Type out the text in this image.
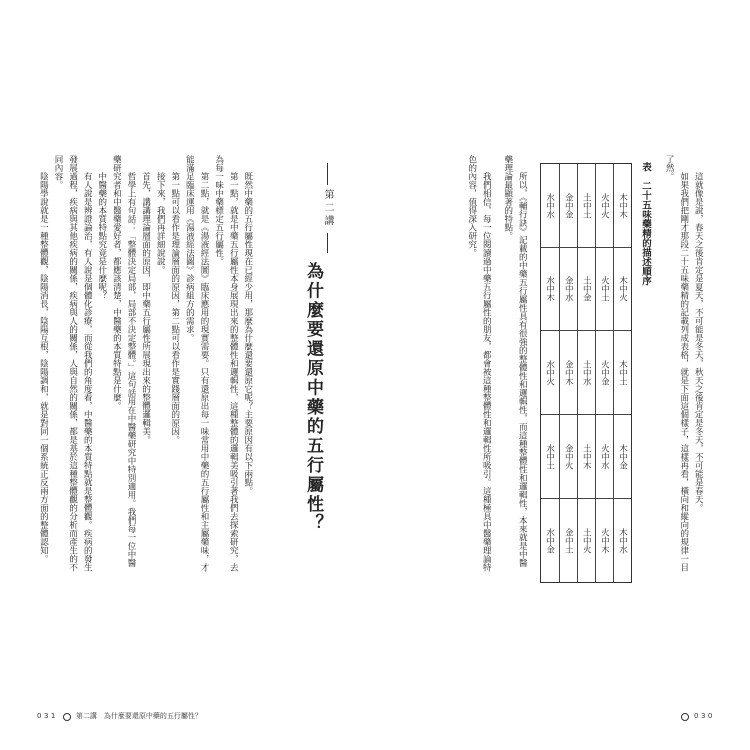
第二講
為什麼要還原中藥的五行屬性？
既然中藥的五行屬性現在已經少用，那麼為什麼還要還原它呢？主要原因有以下兩點。
第一點，就是中藥五行屬性本身展現出來的整體性和邏輯性，這種整體的邏輯美吸引著我們去探索研究，去
為每一味中藥標定五行屬性。
第二點，就是《湯液經法圖》臨床應用的現實需要。只有還原出每一味常用中藥的五行屬性和主屬藥味，才
能滿足臨床運用《湯液經法圖》診病組方的需求。
第一點可以看作是理論層面的原因，第二點可以看作是實踐層面的原因。
接下來，我們再詳細說說。
首先，講講理論層面的原因，即中藥五行屬性所展現出來的整體邏輯美。
哲學上有句話：「整體決定局部，局部不決定整體。」這句話用在中醫藥研究中特別適用。我們每一位中醫
藥研究者和中醫藥愛好者，都應該清楚，中醫藥的本質特點是什麼。
中醫藥的本質特點究竟是什麼呢？
有人說是辨證論治，有人說是個體化診療，而從我們的角度看，中醫藥的本質特點就是整體觀。疾病的發生
發展過程，疾病與其他疾病的關係，疾病與人的關係，人與自然的關係，都是基於這種整體觀的分析而產生的不
同內容。
陰陽學說就是一種整體觀，陰陽消長，陰陽互根，陰陽調和，就是對同一個系統正反兩方面的整體認知。
031	第二講　為什麼要還原中藥的五行屬性？
這就像是說，春天之後肯定是夏天，不可能是冬天，秋天之後肯定是冬天，不可能是春天。
如果我們把剛才那段二十五味藥精的記載列成表格，就是下面這個樣子，這樣再看，橫向和縱向的規律一目
了然。
表　二十五味藥精的描述順序
木中木
火中火
土中土
金中金
水中水
木中火
火中土
土中金
金中水
水中木
木中土
火中金
土中水
金中木
水中火
木中金
火中水
土中木
金中火
水中土
木中水
火中木
土中火
金中土
水中金
所以，《輔行訣》記載的中藥五行屬性具有很強的整體性和邏輯性，而這種整體性和邏輯性，本來就是中醫
藥理論最顯著的特點。
我們相信，每一位閱讀過中藥五行屬性的朋友，都會被這種整體性和邏輯性所吸引。這種極具中醫藥理論特
色的內容，值得深入研究。
030
